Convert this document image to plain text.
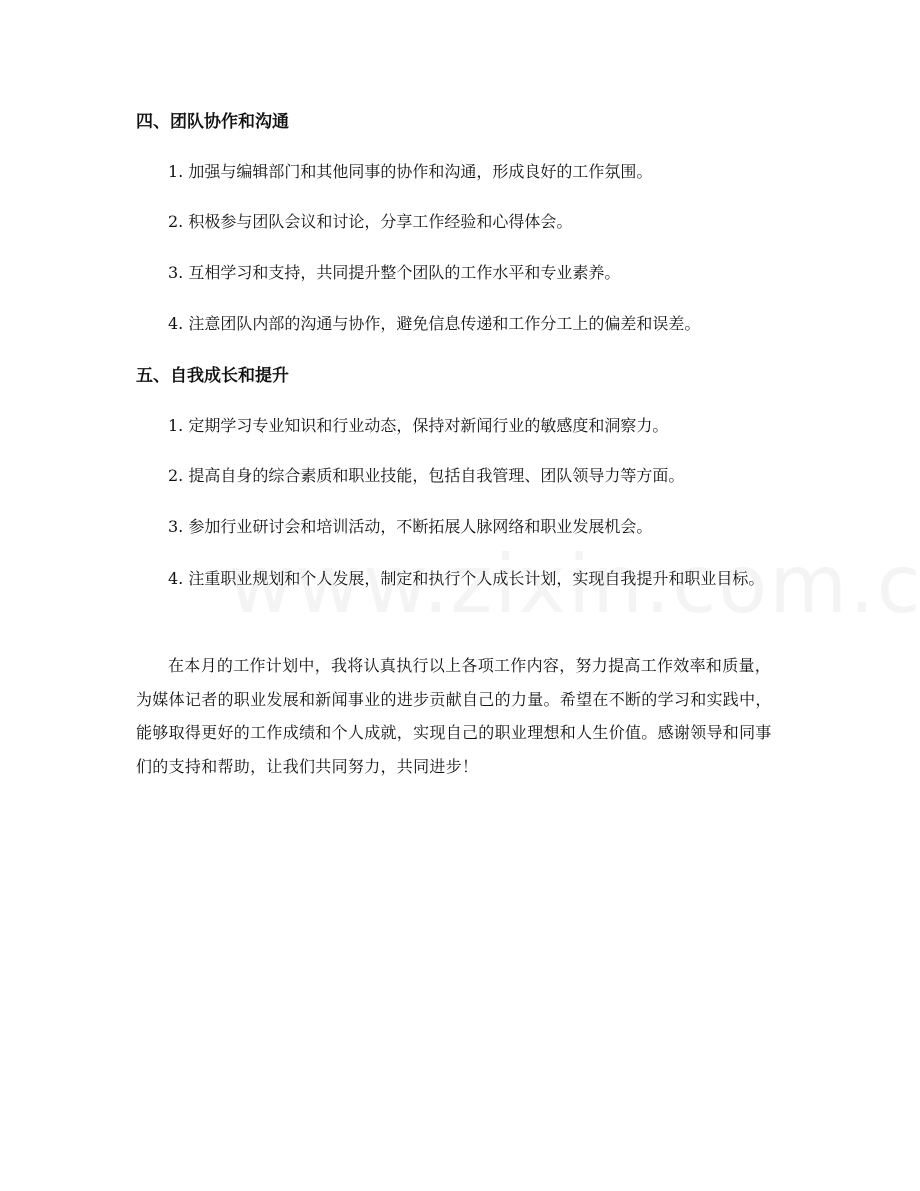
四、团队协作和沟通

1. 加强与编辑部门和其他同事的协作和沟通，形成良好的工作氛围。

2. 积极参与团队会议和讨论，分享工作经验和心得体会。

3. 互相学习和支持，共同提升整个团队的工作水平和专业素养。

4. 注意团队内部的沟通与协作，避免信息传递和工作分工上的偏差和误差。

五、自我成长和提升

1. 定期学习专业知识和行业动态，保持对新闻行业的敏感度和洞察力。

2. 提高自身的综合素质和职业技能，包括自我管理、团队领导力等方面。

3. 参加行业研讨会和培训活动，不断拓展人脉网络和职业发展机会。

4. 注重职业规划和个人发展，制定和执行个人成长计划，实现自我提升和职业目标。

在本月的工作计划中，我将认真执行以上各项工作内容，努力提高工作效率和质量，为媒体记者的职业发展和新闻事业的进步贡献自己的力量。希望在不断的学习和实践中，能够取得更好的工作成绩和个人成就，实现自己的职业理想和人生价值。感谢领导和同事们的支持和帮助，让我们共同努力，共同进步！
